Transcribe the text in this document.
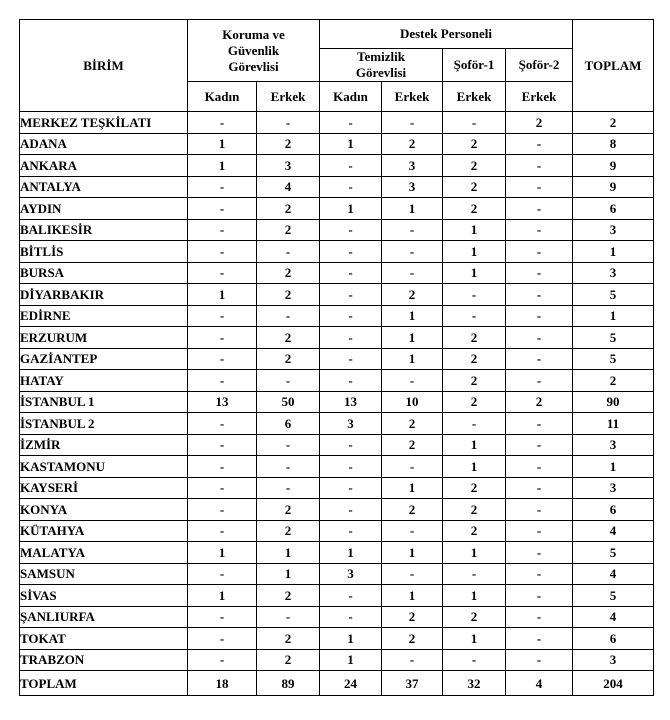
BİRİM	Koruma ve Güvenlik Görevlisi		Destek Personeli				TOPLAM

			Temizlik Görevlisi		Şoför-1	Şoför-2	
	Kadın	Erkek	Kadın	Erkek	Erkek	Erkek	
MERKEZ TEŞKİLATI	-	-	-	-	-	2	2
ADANA	1	2	1	2	2	-	8
ANKARA	1	3	-	3	2	-	9
ANTALYA	-	4	-	3	2	-	9
AYDIN	-	2	1	1	2	-	6
BALIKESİR	-	2	-	-	1	-	3
BİTLİS	-	-	-	-	1	-	1
BURSA	-	2	-	-	1	-	3
DİYARBAKIR	1	2	-	2	-	-	5
EDİRNE	-	-	-	1	-	-	1
ERZURUM	-	2	-	1	2	-	5
GAZİANTEP	-	2	-	1	2	-	5
HATAY	-	-	-	-	2	-	2
İSTANBUL 1	13	50	13	10	2	2	90
İSTANBUL 2	-	6	3	2	-	-	11
İZMİR	-	-	-	2	1	-	3
KASTAMONU	-	-	-	-	1	-	1
KAYSERİ	-	-	-	1	2	-	3
KONYA	-	2	-	2	2	-	6
KÜTAHYA	-	2	-	-	2	-	4
MALATYA	1	1	1	1	1	-	5
SAMSUN	-	1	3	-	-	-	4
SİVAS	1	2	-	1	1	-	5
ŞANLIURFA	-	-	-	2	2	-	4
TOKAT	-	2	1	2	1	-	6
TRABZON	-	2	1	-	-	-	3
TOPLAM	18	89	24	37	32	4	204
